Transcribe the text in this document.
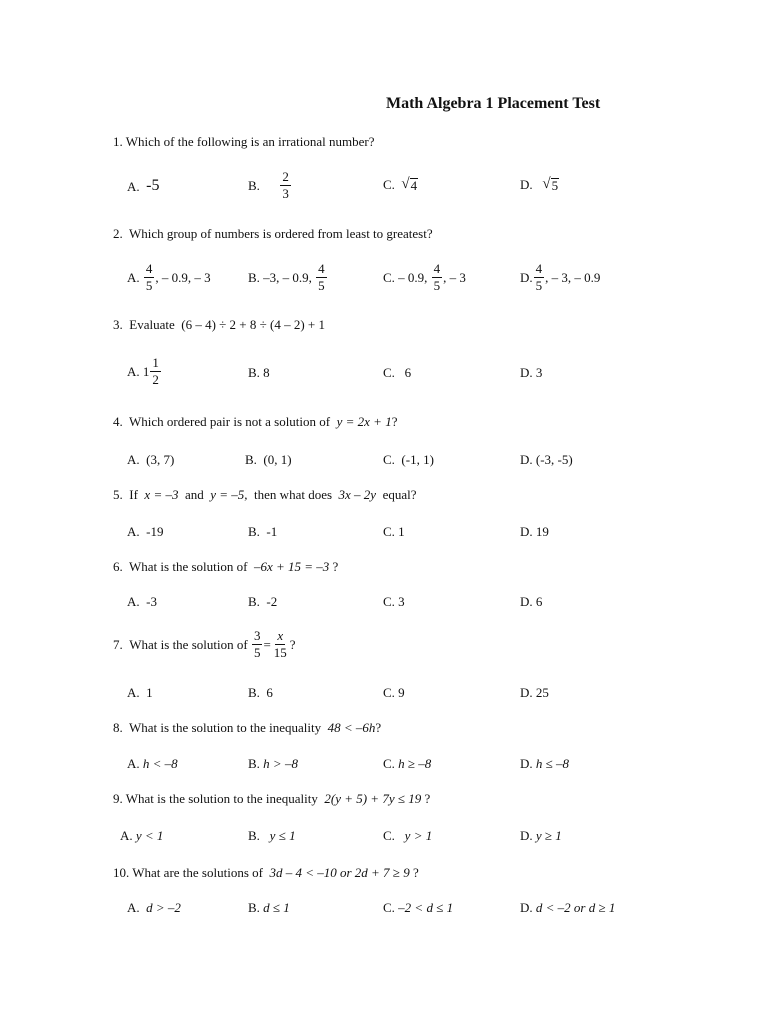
Math Algebra 1 Placement Test
1. Which of the following is an irrational number?
A.
-5	B.
$\frac{2}{3}$	C.
√ 4	D.
√ 5
2. Which group of numbers is ordered from least to greatest?
A.
$\frac{4}{5}$ , – 0.9, – 3	B.
–3, – 0.9,
$\frac{4}{5}$	C.
– 0.9,
$\frac{4}{5}$ , – 3	D. $\frac{4}{5}$ , – 3, – 0.9
3. Evaluate (6 – 4) ÷ 2 + 8 ÷ (4 – 2) + 1
A.
$1 \frac{1}{2}$	B.
8	C.
6	D.
3
4. Which ordered pair is not a solution of y = 2x + 1?
A.
(3, 7)	B.
(0, 1)	C.
(-1, 1)	D.
(-3, -5)
5. If x = –3 and y = –5, then what does 3x – 2y equal?
A.
-19	B.
-1	C.
1	D.
19
6. What is the solution of –6x + 15 = –3 ?
A.
-3	B.
-2	C.
3	D.
6
7.
What is the solution of
$\frac{3}{5} = \frac{x}{15}$ ?
A.
1	B.
6	C.
9	D.
25
8. What is the solution to the inequality 48 < –6h?
A.
h < –8	B.
h > –8	C.
h ≥ –8	D.
h ≤ –8
9. What is the solution to the inequality 2(y + 5) + 7y ≤ 19 ?
A.
y < 1	B.
y ≤ 1	C.
y > 1	D.
y ≥ 1
10. What are the solutions of 3d – 4 < –10 or 2d + 7 ≥ 9 ?
A.
d > –2	B.
d ≤ 1	C.
–2 < d ≤ 1	D.
d < –2 or d ≥ 1
